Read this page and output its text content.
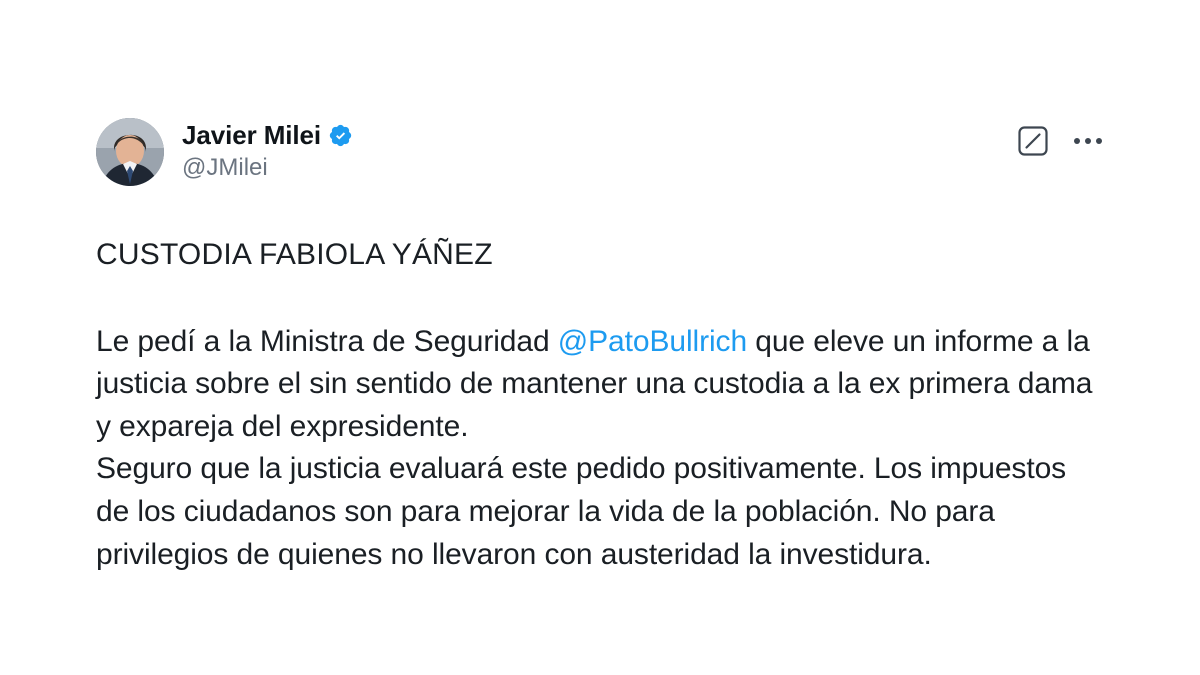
Javier Milei
@JMilei
CUSTODIA FABIOLA YÁÑEZ
Le pedí a la Ministra de Seguridad @PatoBullrich que eleve un informe a la justicia sobre el sin sentido de mantener una custodia a la ex primera dama y expareja del expresidente.
Seguro que la justicia evaluará este pedido positivamente. Los impuestos de los ciudadanos son para mejorar la vida de la población. No para privilegios de quienes no llevaron con austeridad la investidura.
